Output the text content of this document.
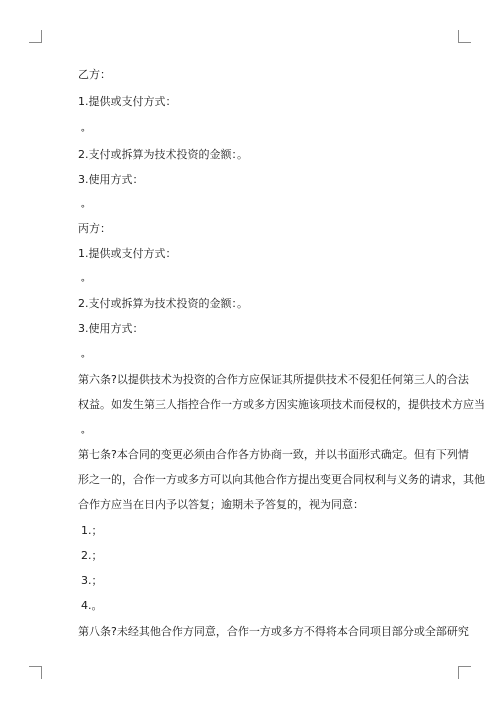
乙方：
1.提供或支付方式：
∘
2.支付或拆算为技术投资的金额：。
3.使用方式：
∘
丙方：
1.提供或支付方式：
∘
2.支付或拆算为技术投资的金额：。
3.使用方式：
∘
第六条?以提供技术为投资的合作方应保证其所提供技术不侵犯任何第三人的合法
权益。如发生第三人指控合作一方或多方因实施该项技术而侵权的，提供技术方应当
∘
第七条?本合同的变更必须由合作各方协商一致，并以书面形式确定。但有下列情
形之一的，合作一方或多方可以向其他合作方提出变更合同权利与义务的请求，其他
合作方应当在日内予以答复；逾期未予答复的，视为同意：
1.；
2.；
3.；
4.。
第八条?未经其他合作方同意，合作一方或多方不得将本合同项目部分或全部研究
